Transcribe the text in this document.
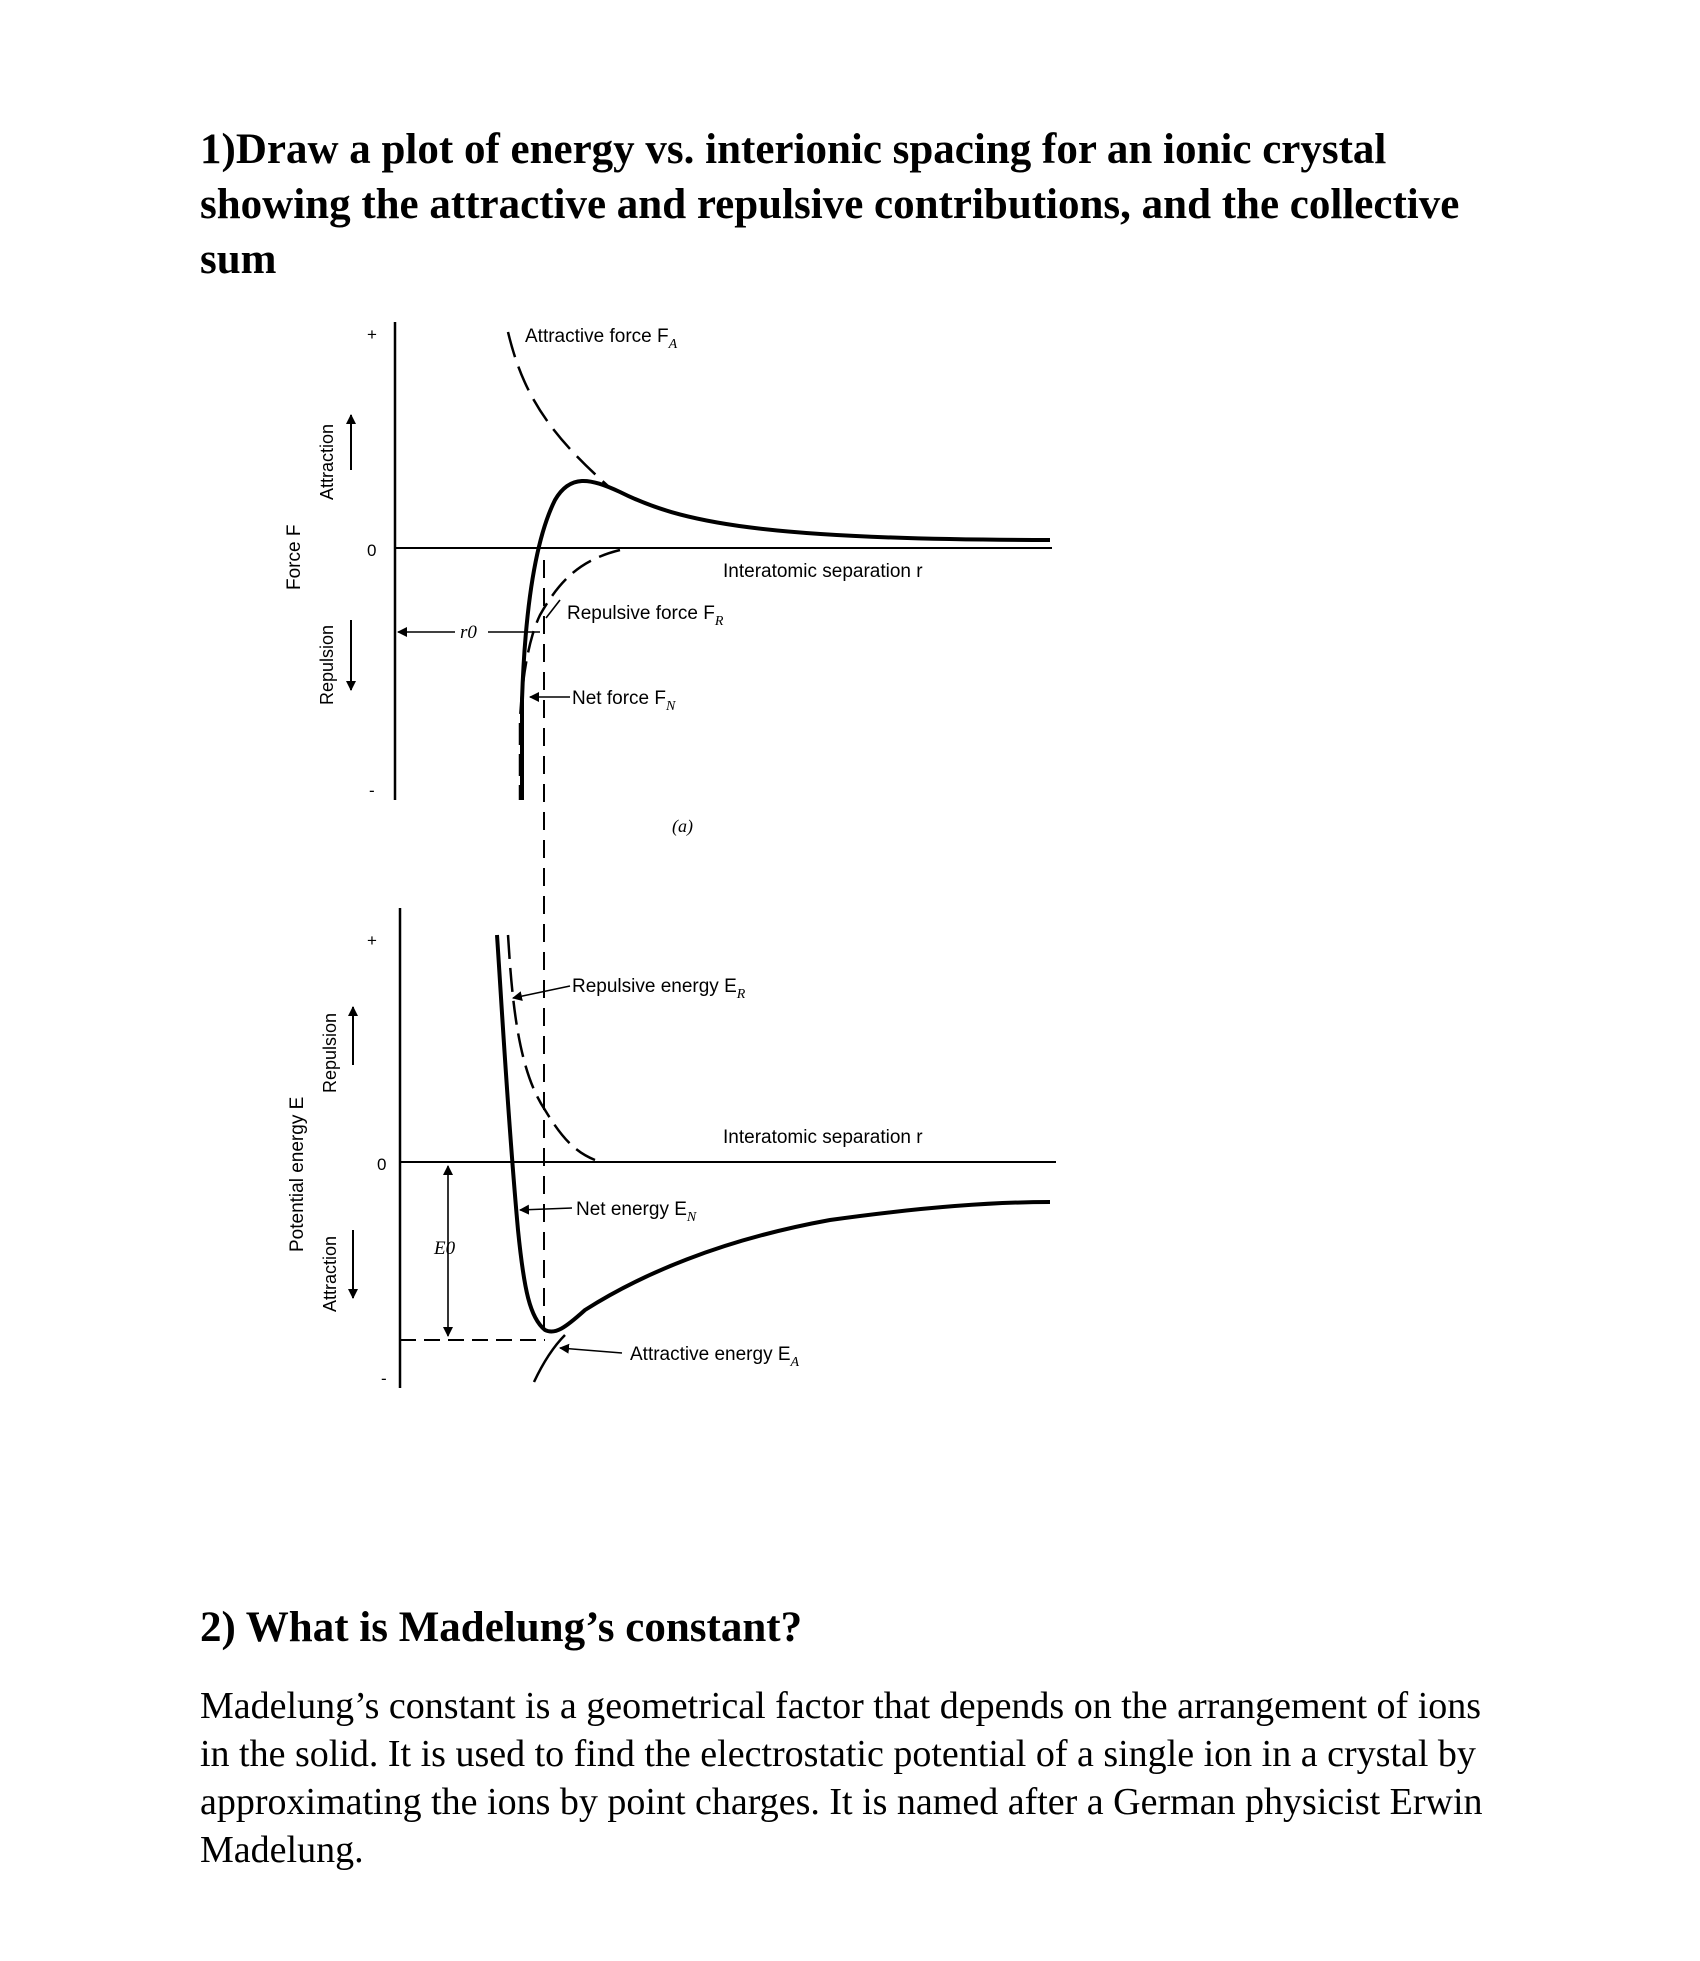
1)Draw a plot of energy vs. interionic spacing for an ionic crystal showing the attractive and repulsive contributions, and the collective sum

+
0
-
Force F
Attraction
Repulsion	r0
Attractive force $F_A$
Interatomic separation r
Repulsive force $F_R$
Net force $F_N$
(a)
+
0
-
Potential energy E
Repulsion
Attraction	E0
Repulsive energy $E_R$
Interatomic separation r
Net energy $E_N$
Attractive energy $E_A$

2) What is Madelung’s constant?

Madelung’s constant is a geometrical factor that depends on the arrangement of ions in the solid. It is used to find the electrostatic potential of a single ion in a crystal by approximating the ions by point charges. It is named after a German physicist Erwin Madelung.
